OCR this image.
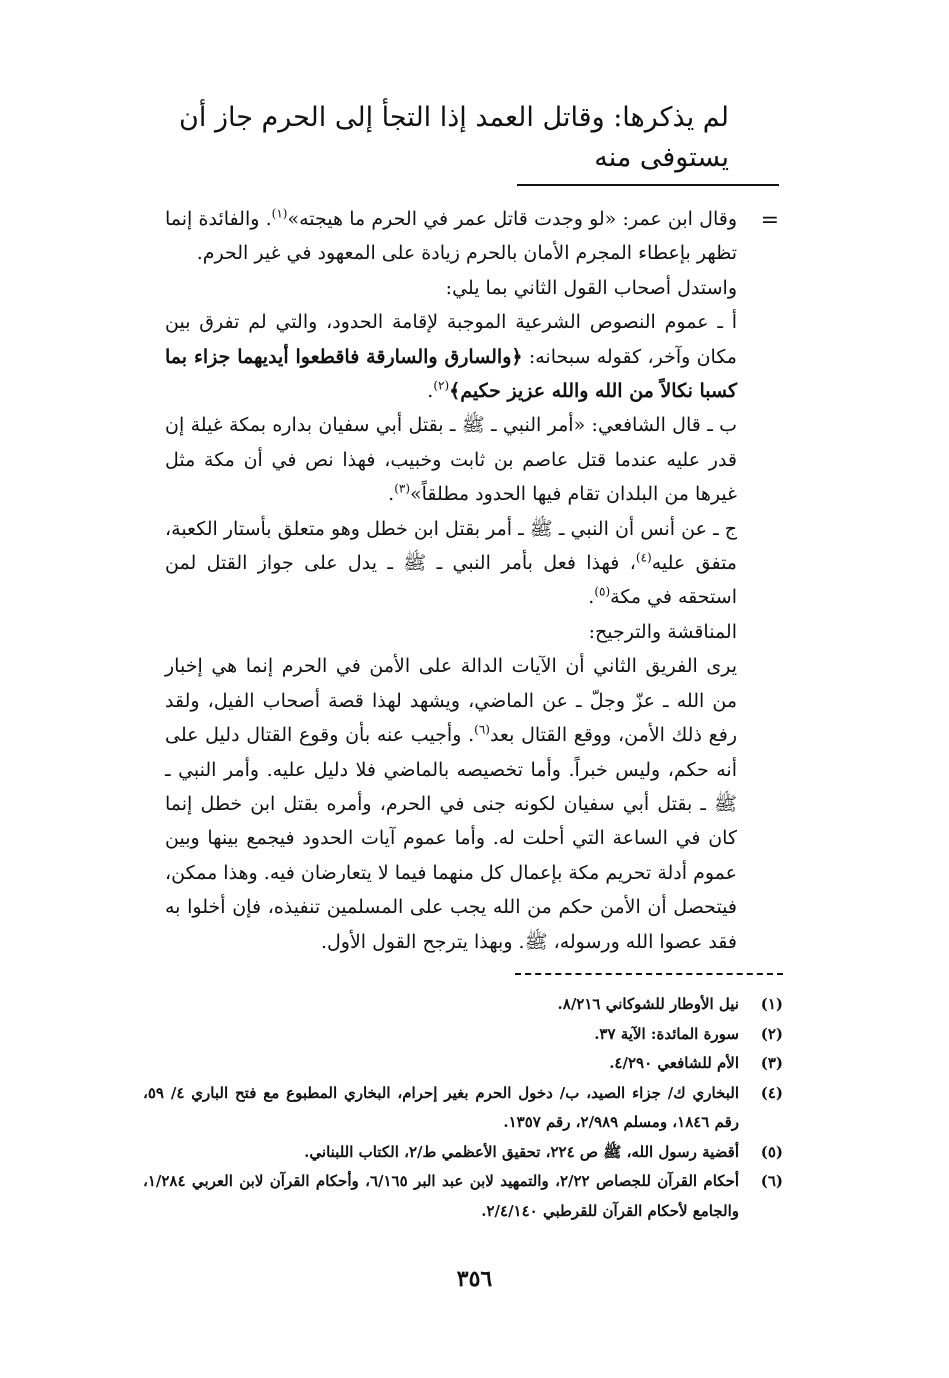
لم يذكرها: وقاتل العمد إذا التجأ إلى الحرم جاز أن يستوفى منه
=

وقال ابن عمر: «لو وجدت قاتل عمر في الحرم ما هيجته»$^{(١)}$. والفائدة إنما تظهر بإعطاء المجرم الأمان بالحرم زيادة على المعهود في غير الحرم.

واستدل أصحاب القول الثاني بما يلي:

أ ـ عموم النصوص الشرعية الموجبة لإقامة الحدود، والتي لم تفرق بين مكان وآخر، كقوله سبحانه: ﴿والسارق والسارقة فاقطعوا أيديهما جزاء بما كسبا نكالاً من الله والله عزيز حكيم﴾$^{(٢)}$.

ب ـ قال الشافعي: «أمر النبي ـ ﷺ ـ بقتل أبي سفيان بداره بمكة غيلة إن قدر عليه عندما قتل عاصم بن ثابت وخبيب، فهذا نص في أن مكة مثل غيرها من البلدان تقام فيها الحدود مطلقاً»$^{(٣)}$.

ج ـ عن أنس أن النبي ـ ﷺ ـ أمر بقتل ابن خطل وهو متعلق بأستار الكعبة، متفق عليه$^{(٤)}$، فهذا فعل بأمر النبي ـ ﷺ ـ يدل على جواز القتل لمن استحقه في مكة$^{(٥)}$.

المناقشة والترجيح:

يرى الفريق الثاني أن الآيات الدالة على الأمن في الحرم إنما هي إخبار من الله ـ عزّ وجلّ ـ عن الماضي، ويشهد لهذا قصة أصحاب الفيل، ولقد رفع ذلك الأمن، ووقع القتال بعد$^{(٦)}$. وأجيب عنه بأن وقوع القتال دليل على أنه حكم، وليس خبراً. وأما تخصيصه بالماضي فلا دليل عليه. وأمر النبي ـ ﷺ ـ بقتل أبي سفيان لكونه جنى في الحرم، وأمره بقتل ابن خطل إنما كان في الساعة التي أحلت له. وأما عموم آيات الحدود فيجمع بينها وبين عموم أدلة تحريم مكة بإعمال كل منهما فيما لا يتعارضان فيه. وهذا ممكن، فيتحصل أن الأمن حكم من الله يجب على المسلمين تنفيذه، فإن أخلوا به فقد عصوا الله ورسوله، ﷺ. وبهذا يترجح القول الأول.

(١)
نيل الأوطار للشوكاني ٨/٢١٦.
(٢)
سورة المائدة: الآية ٣٧.
(٣)
الأم للشافعي ٤/٢٩٠.
(٤)
البخاري ك/ جزاء الصيد، ب/ دخول الحرم بغير إحرام، البخاري المطبوع مع فتح الباري ٤/ ٥٩، رقم ١٨٤٦، ومسلم ٢/٩٨٩، رقم ١٣٥٧.
(٥)
أقضية رسول الله، ﷺ ص ٢٢٤، تحقيق الأعظمي ط/٢، الكتاب اللبناني.
(٦)
أحكام القرآن للجصاص ٢/٢٢، والتمهيد لابن عبد البر ٦/١٦٥، وأحكام القرآن لابن العربي ١/٢٨٤، والجامع لأحكام القرآن للقرطبي ٢/٤/١٤٠.
٣٥٦
